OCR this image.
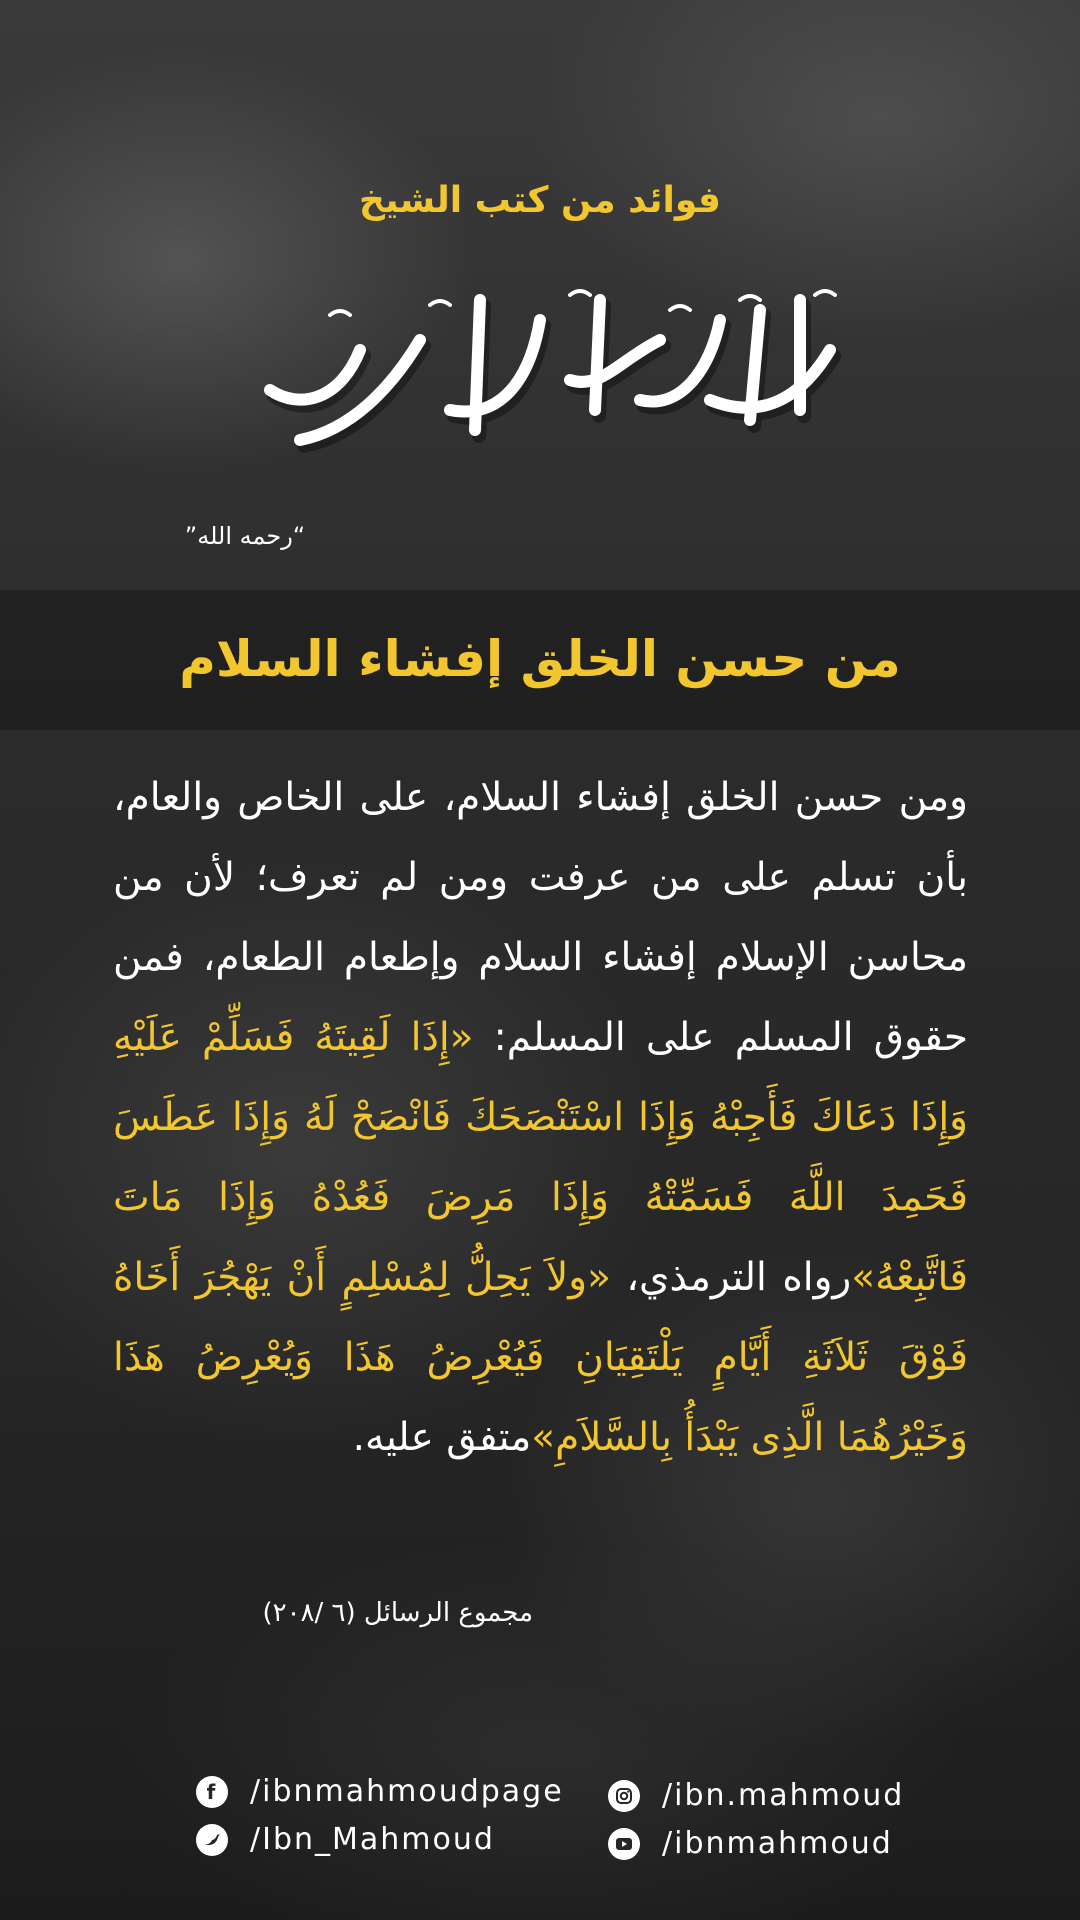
فوائد من كتب الشيخ
”رحمه الله“
من حسن الخلق إفشاء السلام
ومن حسن الخلق إفشاء السلام، على الخاص والعام، بأن تسلم على من عرفت ومن لم تعرف؛ لأن من محاسن الإسلام إفشاء السلام وإطعام الطعام، فمن حقوق المسلم على المسلم: «إِذَا لَقِيتَهُ فَسَلِّمْ عَلَيْهِ وَإِذَا دَعَاكَ فَأَجِبْهُ وَإِذَا اسْتَنْصَحَكَ فَانْصَحْ لَهُ وَإِذَا عَطَسَ فَحَمِدَ اللَّهَ فَسَمِّتْهُ وَإِذَا مَرِضَ فَعُدْهُ وَإِذَا مَاتَ فَاتَّبِعْهُ»رواه الترمذي، «ولاَ يَحِلُّ لِمُسْلِمٍ أَنْ يَهْجُرَ أَخَاهُ فَوْقَ ثَلاَثَةِ أَيَّامٍ يَلْتَقِيَانِ فَيُعْرِضُ هَذَا وَيُعْرِضُ هَذَا وَخَيْرُهُمَا الَّذِى يَبْدَأُ بِالسَّلاَمِ»متفق عليه.
مجموع الرسائل (٦ /٢٠٨)
f	/ibnmahmoudpage
/Ibn_Mahmoud
/ibn.mahmoud
/ibnmahmoud
